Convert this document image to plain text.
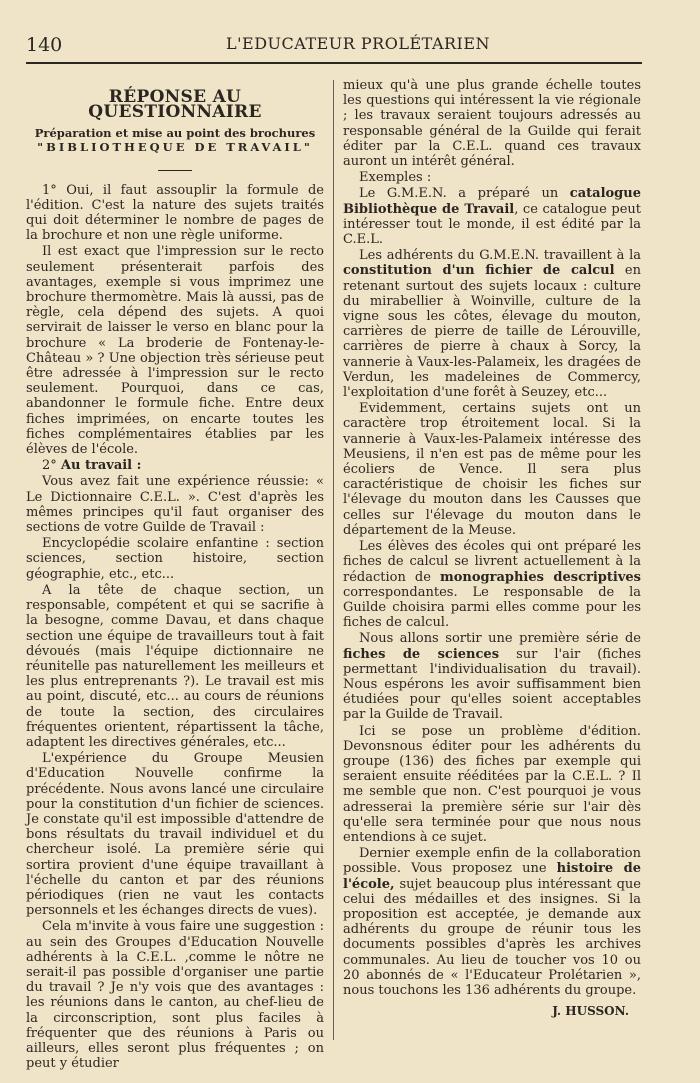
140	L'EDUCATEUR PROLÉTARIEN
RÉPONSE AU QUESTIONNAIRE
Préparation et mise au point des brochures
"BIBLIOTHEQUE DE TRAVAIL"

1° Oui, il faut assouplir la formule de l'édition. C'est la nature des sujets traités qui doit déterminer le nombre de pages de la brochure et non une règle uniforme.

Il est exact que l'impression sur le recto seulement présenterait parfois des avantages, exemple si vous imprimez une brochure thermomètre. Mais là aussi, pas de règle, cela dépend des sujets. A quoi servirait de laisser le verso en blanc pour la brochure « La broderie de Fontenay-le-Château » ? Une objection très sérieuse peut être adressée à l'impression sur le recto seulement. Pourquoi, dans ce cas, abandonner le formule fiche. Entre deux fiches imprimées, on encarte toutes les fiches complémentaires établies par les élèves de l'école.

2° Au travail :

Vous avez fait une expérience réussie: « Le Dictionnaire C.E.L. ». C'est d'après les mêmes principes qu'il faut organiser des sections de votre Guilde de Travail :

Encyclopédie scolaire enfantine : section sciences, section histoire, section géographie, etc., etc...

A la tête de chaque section, un responsable, compétent et qui se sacrifie à la besogne, comme Davau, et dans chaque section une équipe de travailleurs tout à fait dévoués (mais l'équipe dictionnaire ne réunitelle pas naturellement les meilleurs et les plus entreprenants ?). Le travail est mis au point, discuté, etc... au cours de réunions de toute la section, des circulaires fréquentes orientent, répartissent la tâche, adaptent les directives générales, etc...

L'expérience du Groupe Meusien d'Education Nouvelle confirme la précédente. Nous avons lancé une circulaire pour la constitution d'un fichier de sciences. Je constate qu'il est impossible d'attendre de bons résultats du travail individuel et du chercheur isolé. La première série qui sortira provient d'une équipe travaillant à l'échelle du canton et par des réunions périodiques (rien ne vaut les contacts personnels et les échanges directs de vues).

Cela m'invite à vous faire une suggestion : au sein des Groupes d'Education Nouvelle adhérents à la C.E.L. ,comme le nôtre ne serait-il pas possible d'organiser une partie du travail ? Je n'y vois que des avantages : les réunions dans le canton, au chef-lieu de la circonscription, sont plus faciles à fréquenter que des réunions à Paris ou ailleurs, elles seront plus fréquentes ; on peut y étudier

mieux qu'à une plus grande échelle toutes les questions qui intéressent la vie régionale ; les travaux seraient toujours adressés au responsable général de la Guilde qui ferait éditer par la C.E.L. quand ces travaux auront un intérêt général.

Exemples :

Le G.M.E.N. a préparé un catalogue Bibliothèque de Travail, ce catalogue peut intéresser tout le monde, il est édité par la C.E.L.

Les adhérents du G.M.E.N. travaillent à la constitution d'un fichier de calcul en retenant surtout des sujets locaux : culture du mirabellier à Woinville, culture de la vigne sous les côtes, élevage du mouton, carrières de pierre de taille de Lérouville, carrières de pierre à chaux à Sorcy, la vannerie à Vaux-les-Palameix, les dragées de Verdun, les madeleines de Commercy, l'exploitation d'une forêt à Seuzey, etc...

Evidemment, certains sujets ont un caractère trop étroitement local. Si la vannerie à Vaux-les-Palameix intéresse des Meusiens, il n'en est pas de même pour les écoliers de Vence. Il sera plus caractéristique de choisir les fiches sur l'élevage du mouton dans les Causses que celles sur l'élevage du mouton dans le département de la Meuse.

Les élèves des écoles qui ont préparé les fiches de calcul se livrent actuellement à la rédaction de monographies descriptives correspondantes. Le responsable de la Guilde choisira parmi elles comme pour les fiches de calcul.

Nous allons sortir une première série de fiches de sciences sur l'air (fiches permettant l'individualisation du travail). Nous espérons les avoir suffisamment bien étudiées pour qu'elles soient acceptables par la Guilde de Travail.

Ici se pose un problème d'édition. Devonsnous éditer pour les adhérents du groupe (136) des fiches par exemple qui seraient ensuite rééditées par la C.E.L. ? Il me semble que non. C'est pourquoi je vous adresserai la première série sur l'air dès qu'elle sera terminée pour que nous nous entendions à ce sujet.

Dernier exemple enfin de la collaboration possible. Vous proposez une histoire de l'école, sujet beaucoup plus intéressant que celui des médailles et des insignes. Si la proposition est acceptée, je demande aux adhérents du groupe de réunir tous les documents possibles d'après les archives communales. Au lieu de toucher vos 10 ou 20 abonnés de « l'Educateur Prolétarien », nous touchons les 136 adhérents du groupe.

J. HUSSON.
